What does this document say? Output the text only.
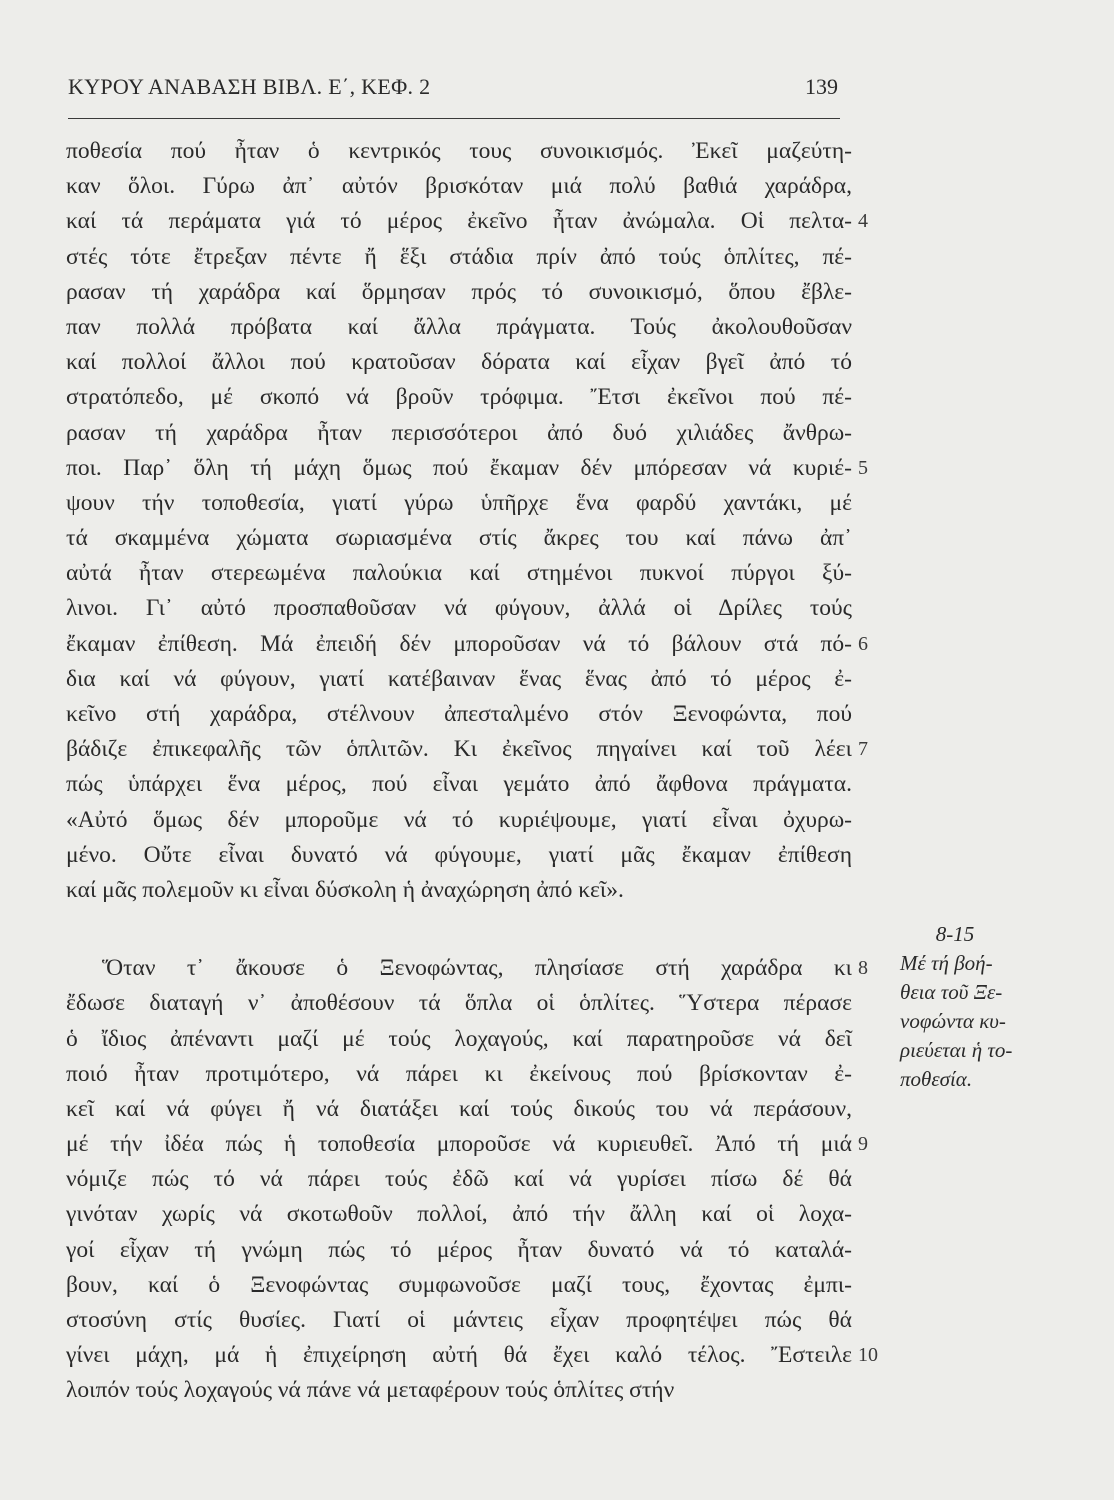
ΚΥΡΟΥ ΑΝΑΒΑΣΗ ΒΙΒΛ. Ε΄, ΚΕΦ. 2	139
ποθεσία πού ἦταν ὁ κεντρικός τους συνοικισμός. Ἐκεῖ μαζεύτη-
καν ὅλοι. Γύρω ἀπ᾽ αὐτόν βρισκόταν μιά πολύ βαθιά χαράδρα,
καί τά περάματα γιά τό μέρος ἐκεῖνο ἦταν ἀνώμαλα. Οἱ πελτα- 4
στές τότε ἔτρεξαν πέντε ἤ ἕξι στάδια πρίν ἀπό τούς ὁπλίτες, πέ-
ρασαν τή χαράδρα καί ὅρμησαν πρός τό συνοικισμό, ὅπου ἔβλε-
παν πολλά πρόβατα καί ἄλλα πράγματα. Τούς ἀκολουθοῦσαν
καί πολλοί ἄλλοι πού κρατοῦσαν δόρατα καί εἶχαν βγεῖ ἀπό τό
στρατόπεδο, μέ σκοπό νά βροῦν τρόφιμα. Ἔτσι ἐκεῖνοι πού πέ-
ρασαν τή χαράδρα ἦταν περισσότεροι ἀπό δυό χιλιάδες ἄνθρω-
ποι. Παρ᾽ ὅλη τή μάχη ὅμως πού ἔκαμαν δέν μπόρεσαν νά κυριέ- 5
ψουν τήν τοποθεσία, γιατί γύρω ὑπῆρχε ἕνα φαρδύ χαντάκι, μέ
τά σκαμμένα χώματα σωριασμένα στίς ἄκρες του καί πάνω ἀπ᾽
αὐτά ἦταν στερεωμένα παλούκια καί στημένοι πυκνοί πύργοι ξύ-
λινοι. Γι᾽ αὐτό προσπαθοῦσαν νά φύγουν, ἀλλά οἱ Δρίλες τούς
ἔκαμαν ἐπίθεση. Μά ἐπειδή δέν μποροῦσαν νά τό βάλουν στά πό- 6
δια καί νά φύγουν, γιατί κατέβαιναν ἕνας ἕνας ἀπό τό μέρος ἐ-
κεῖνο στή χαράδρα, στέλνουν ἀπεσταλμένο στόν Ξενοφώντα, πού
βάδιζε ἐπικεφαλῆς τῶν ὁπλιτῶν. Κι ἐκεῖνος πηγαίνει καί τοῦ λέει 7
πώς ὑπάρχει ἕνα μέρος, πού εἶναι γεμάτο ἀπό ἄφθονα πράγματα.
«Αὐτό ὅμως δέν μποροῦμε νά τό κυριέψουμε, γιατί εἶναι ὀχυρω-
μένο. Οὔτε εἶναι δυνατό νά φύγουμε, γιατί μᾶς ἔκαμαν ἐπίθεση
καί μᾶς πολεμοῦν κι εἶναι δύσκολη ἡ ἀναχώρηση ἀπό κεῖ».
Ὅταν τ᾽ ἄκουσε ὁ Ξενοφώντας, πλησίασε στή χαράδρα κι 8
ἔδωσε διαταγή ν᾽ ἀποθέσουν τά ὅπλα οἱ ὁπλίτες. Ὕστερα πέρασε
ὁ ἴδιος ἀπέναντι μαζί μέ τούς λοχαγούς, καί παρατηροῦσε νά δεῖ
ποιό ἦταν προτιμότερο, νά πάρει κι ἐκείνους πού βρίσκονταν ἐ-
κεῖ καί νά φύγει ἤ νά διατάξει καί τούς δικούς του νά περάσουν,
μέ τήν ἰδέα πώς ἡ τοποθεσία μποροῦσε νά κυριευθεῖ. Ἀπό τή μιά 9
νόμιζε πώς τό νά πάρει τούς ἐδῶ καί νά γυρίσει πίσω δέ θά
γινόταν χωρίς νά σκοτωθοῦν πολλοί, ἀπό τήν ἄλλη καί οἱ λοχα-
γοί εἶχαν τή γνώμη πώς τό μέρος ἦταν δυνατό νά τό καταλά-
βουν, καί ὁ Ξενοφώντας συμφωνοῦσε μαζί τους, ἔχοντας ἐμπι-
στοσύνη στίς θυσίες. Γιατί οἱ μάντεις εἶχαν προφητέψει πώς θά
γίνει μάχη, μά ἡ ἐπιχείρηση αὐτή θά ἔχει καλό τέλος. Ἔστειλε 10
λοιπόν τούς λοχαγούς νά πάνε νά μεταφέρουν τούς ὁπλίτες στήν
8-15
Μέ τή βοή-
θεια τοῦ Ξε-
νοφώντα κυ-
ριεύεται ἡ το-
ποθεσία.
